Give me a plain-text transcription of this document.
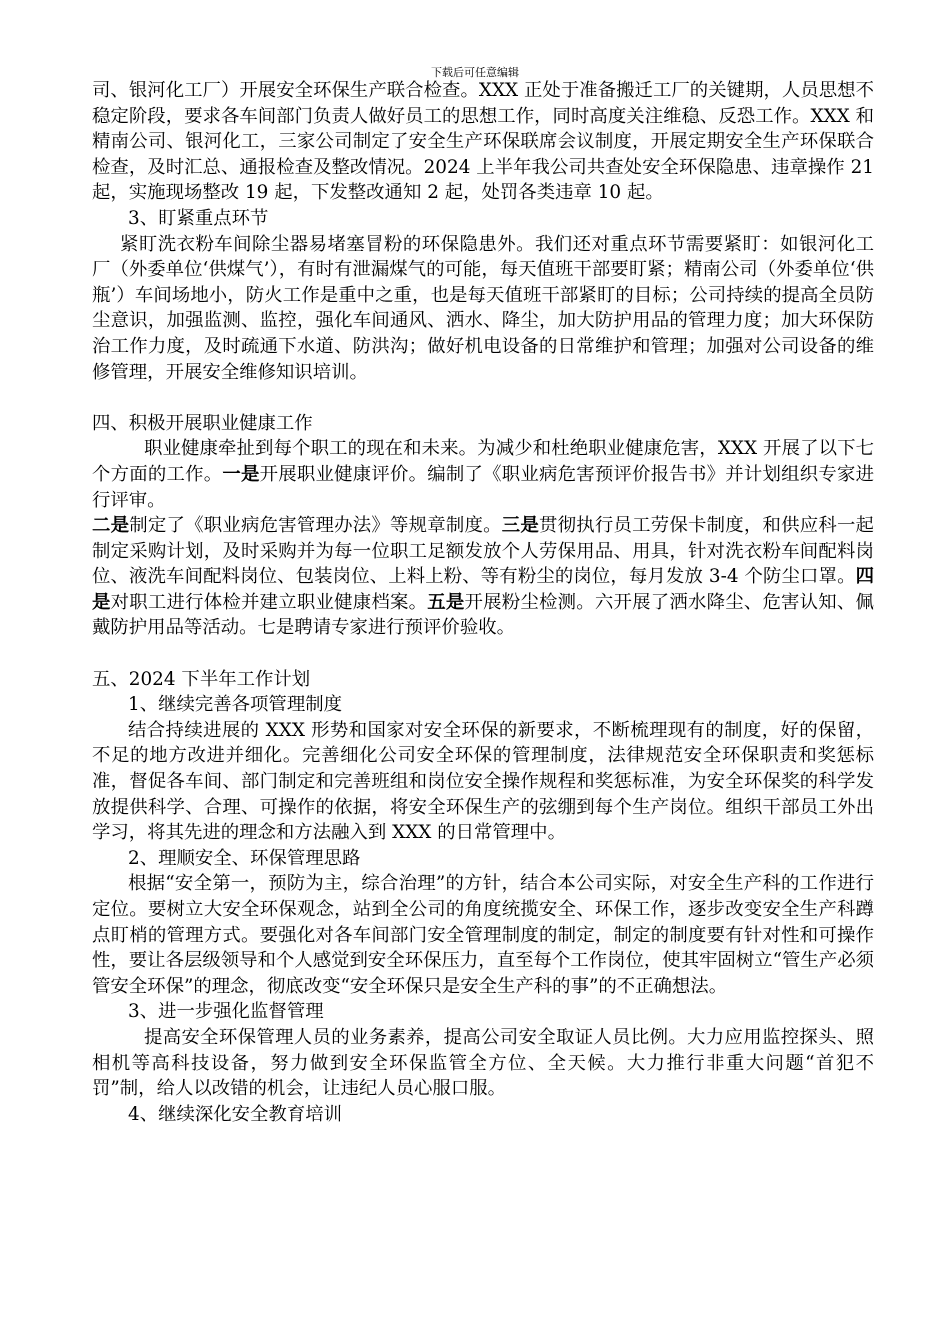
下载后可任意编辑

司、银河化工厂）开展安全环保生产联合检查。XXX 正处于准备搬迁工厂的关键期，人员思想不稳定阶段，要求各车间部门负责人做好员工的思想工作，同时高度关注维稳、反恐工作。XXX 和精南公司、银河化工，三家公司制定了安全生产环保联席会议制度，开展定期安全生产环保联合检查，及时汇总、通报检查及整改情况。2024 上半年我公司共查处安全环保隐患、违章操作 21 起，实施现场整改 19 起，下发整改通知 2 起，处罚各类违章 10 起。

3、盯紧重点环节

紧盯洗衣粉车间除尘器易堵塞冒粉的环保隐患外。我们还对重点环节需要紧盯：如银河化工厂（外委单位‘供煤气’），有时有泄漏煤气的可能，每天值班干部要盯紧；精南公司（外委单位‘供瓶’）车间场地小，防火工作是重中之重，也是每天值班干部紧盯的目标；公司持续的提高全员防尘意识，加强监测、监控，强化车间通风、洒水、降尘，加大防护用品的管理力度；加大环保防治工作力度，及时疏通下水道、防洪沟；做好机电设备的日常维护和管理；加强对公司设备的维修管理，开展安全维修知识培训。

四、积极开展职业健康工作

职业健康牵扯到每个职工的现在和未来。为减少和杜绝职业健康危害，XXX 开展了以下七个方面的工作。一是开展职业健康评价。编制了《职业病危害预评价报告书》并计划组织专家进行评审。

二是制定了《职业病危害管理办法》等规章制度。三是贯彻执行员工劳保卡制度，和供应科一起制定采购计划，及时采购并为每一位职工足额发放个人劳保用品、用具，针对洗衣粉车间配料岗位、液洗车间配料岗位、包装岗位、上料上粉、等有粉尘的岗位，每月发放 3-4 个防尘口罩。四是对职工进行体检并建立职业健康档案。五是开展粉尘检测。六开展了洒水降尘、危害认知、佩戴防护用品等活动。七是聘请专家进行预评价验收。

五、2024 下半年工作计划

1、继续完善各项管理制度

结合持续进展的 XXX 形势和国家对安全环保的新要求，不断梳理现有的制度，好的保留，不足的地方改进并细化。完善细化公司安全环保的管理制度，法律规范安全环保职责和奖惩标准，督促各车间、部门制定和完善班组和岗位安全操作规程和奖惩标准，为安全环保奖的科学发放提供科学、合理、可操作的依据，将安全环保生产的弦绷到每个生产岗位。组织干部员工外出学习，将其先进的理念和方法融入到 XXX 的日常管理中。

2、理顺安全、环保管理思路

根据“安全第一，预防为主，综合治理”的方针，结合本公司实际，对安全生产科的工作进行定位。要树立大安全环保观念，站到全公司的角度统揽安全、环保工作，逐步改变安全生产科蹲点盯梢的管理方式。要强化对各车间部门安全管理制度的制定，制定的制度要有针对性和可操作性，要让各层级领导和个人感觉到安全环保压力，直至每个工作岗位，使其牢固树立“管生产必须管安全环保”的理念，彻底改变“安全环保只是安全生产科的事”的不正确想法。

3、进一步强化监督管理

提高安全环保管理人员的业务素养，提高公司安全取证人员比例。大力应用监控探头、照相机等高科技设备，努力做到安全环保监管全方位、全天候。大力推行非重大问题“首犯不罚”制，给人以改错的机会，让违纪人员心服口服。

4、继续深化安全教育培训
